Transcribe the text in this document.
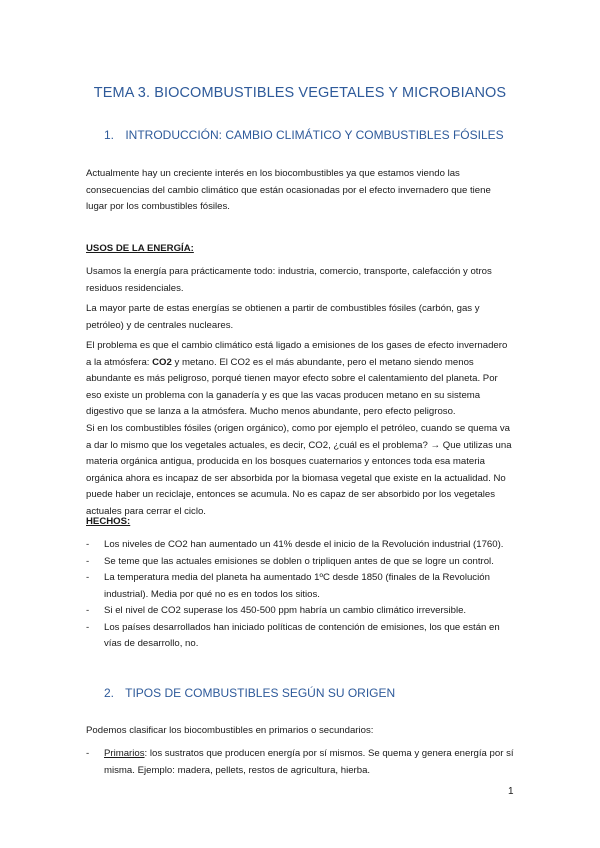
TEMA 3. BIOCOMBUSTIBLES VEGETALES Y MICROBIANOS
1. INTRODUCCIÓN: CAMBIO CLIMÁTICO Y COMBUSTIBLES FÓSILES
Actualmente hay un creciente interés en los biocombustibles ya que estamos viendo las consecuencias del cambio climático que están ocasionadas por el efecto invernadero que tiene lugar por los combustibles fósiles.
USOS DE LA ENERGÍA:
Usamos la energía para prácticamente todo: industria, comercio, transporte, calefacción y otros residuos residenciales.
La mayor parte de estas energías se obtienen a partir de combustibles fósiles (carbón, gas y petróleo) y de centrales nucleares.
El problema es que el cambio climático está ligado a emisiones de los gases de efecto invernadero a la atmósfera: CO2 y metano. El CO2 es el más abundante, pero el metano siendo menos abundante es más peligroso, porqué tienen mayor efecto sobre el calentamiento del planeta. Por eso existe un problema con la ganadería y es que las vacas producen metano en su sistema digestivo que se lanza a la atmósfera. Mucho menos abundante, pero efecto peligroso.
Si en los combustibles fósiles (origen orgánico), como por ejemplo el petróleo, cuando se quema va a dar lo mismo que los vegetales actuales, es decir, CO2, ¿cuál es el problema? → Que utilizas una materia orgánica antigua, producida en los bosques cuaternarios y entonces toda esa materia orgánica ahora es incapaz de ser absorbida por la biomasa vegetal que existe en la actualidad. No puede haber un reciclaje, entonces se acumula. No es capaz de ser absorbido por los vegetales actuales para cerrar el ciclo.
HECHOS:
- Los niveles de CO2 han aumentado un 41% desde el inicio de la Revolución industrial (1760).
- Se teme que las actuales emisiones se doblen o tripliquen antes de que se logre un control.
- La temperatura media del planeta ha aumentado 1ºC desde 1850 (finales de la Revolución industrial). Media por qué no es en todos los sitios.
- Si el nivel de CO2 superase los 450-500 ppm habría un cambio climático irreversible.
- Los países desarrollados han iniciado políticas de contención de emisiones, los que están en vías de desarrollo, no.
2. TIPOS DE COMBUSTIBLES SEGÚN SU ORIGEN
Podemos clasificar los biocombustibles en primarios o secundarios:
- Primarios: los sustratos que producen energía por sí mismos. Se quema y genera energía por sí misma. Ejemplo: madera, pellets, restos de agricultura, hierba.
1
